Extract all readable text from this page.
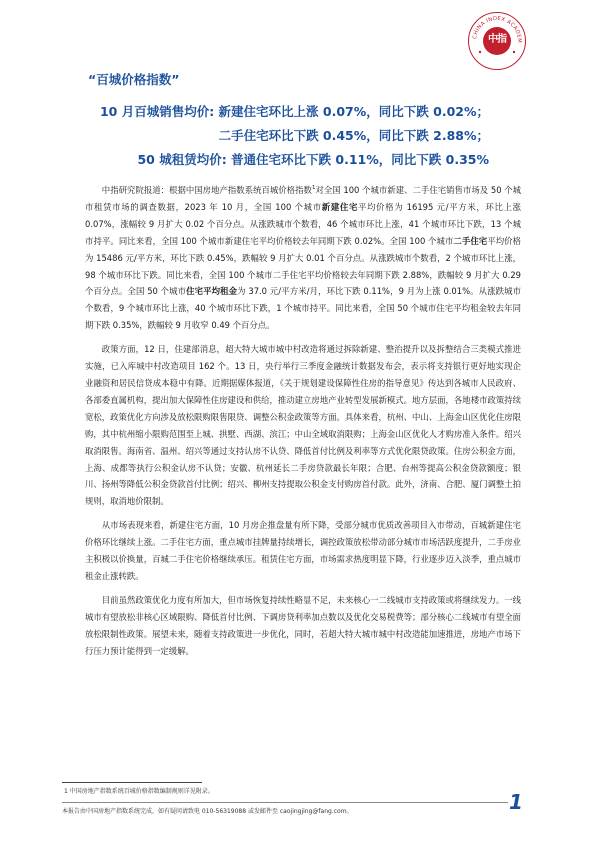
CHINA INDEX ACADEM
中指
“百城价格指数”
10 月百城销售均价: 新建住宅环比上涨 0.07%，同比下跌 0.02%；
二手住宅环比下跌 0.45%，同比下跌 2.88%；
50 城租赁均价: 普通住宅环比下跌 0.11%，同比下跌 0.35%

中指研究院报道：根据中国房地产指数系统百城价格指数$^1$对全国 100 个城市新建、二手住宅销售市场及 50 个城市租赁市场的调查数据，2023 年 10 月，全国 100 个城市新建住宅平均价格为 16195 元/平方米，环比上涨 0.07%，涨幅较 9 月扩大 0.02 个百分点。从涨跌城市个数看，46 个城市环比上涨，41 个城市环比下跌，13 个城市持平。同比来看，全国 100 个城市新建住宅平均价格较去年同期下跌 0.02%。全国 100 个城市二手住宅平均价格为 15486 元/平方米，环比下跌 0.45%，跌幅较 9 月扩大 0.01 个百分点。从涨跌城市个数看，2 个城市环比上涨，98 个城市环比下跌。同比来看，全国 100 个城市二手住宅平均价格较去年同期下跌 2.88%，跌幅较 9 月扩大 0.29 个百分点。全国 50 个城市住宅平均租金为 37.0 元/平方米/月，环比下跌 0.11%，9 月为上涨 0.01%。从涨跌城市个数看，9 个城市环比上涨，40 个城市环比下跌，1 个城市持平。同比来看，全国 50 个城市住宅平均租金较去年同期下跌 0.35%，跌幅较 9 月收窄 0.49 个百分点。

政策方面，12 日，住建部消息，超大特大城市城中村改造将通过拆除新建、整治提升以及拆整结合三类模式推进实施，已入库城中村改造项目 162 个。13 日，央行举行三季度金融统计数据发布会，表示将支持银行更好地实现企业融资和居民信贷成本稳中有降。近期据媒体报道，《关于规划建设保障性住房的指导意见》传达到各城市人民政府、各部委直属机构，提出加大保障性住房建设和供给，推动建立房地产业转型发展新模式。地方层面，各地楼市政策持续宽松，政策优化方向涉及放松限购限售限贷、调整公积金政策等方面。具体来看，杭州、中山、上海金山区优化住房限购，其中杭州缩小限购范围至上城、拱墅、西湖、滨江；中山全域取消限购；上海金山区优化人才购房准入条件。绍兴取消限售。海南省、温州、绍兴等通过支持认房不认贷、降低首付比例及利率等方式优化限贷政策。住房公积金方面，上海、成都等执行公积金认房不认贷；安徽、杭州延长二手房贷款最长年限；合肥、台州等提高公积金贷款额度；银川、扬州等降低公积金贷款首付比例；绍兴、柳州支持提取公积金支付购房首付款。此外，济南、合肥、厦门调整土拍规则，取消地价限制。

从市场表现来看，新建住宅方面，10 月房企推盘量有所下降，受部分城市优质改善项目入市带动，百城新建住宅价格环比继续上涨。二手住宅方面，重点城市挂牌量持续增长，调控政策放松带动部分城市市场活跃度提升，二手房业主积极以价换量，百城二手住宅价格继续承压。租赁住宅方面，市场需求热度明显下降，行业逐步迈入淡季，重点城市租金止涨转跌。

目前虽然政策优化力度有所加大，但市场恢复持续性略显不足，未来核心一二线城市支持政策或将继续发力。一线城市有望放松非核心区域限购、降低首付比例、下调房贷利率加点数以及优化交易税费等；部分核心二线城市有望全面放松限制性政策。展望未来，随着支持政策进一步优化，同时，若超大特大城市城中村改造能加速推进，房地产市场下行压力预计能得到一定缓解。

1 中国房地产指数系统百城价格指数编制规则详见附录。
本报告由中国房地产指数系统完成，如有疑问请致电 010-56319088 或发邮件至 caojingjing@fang.com。	1
